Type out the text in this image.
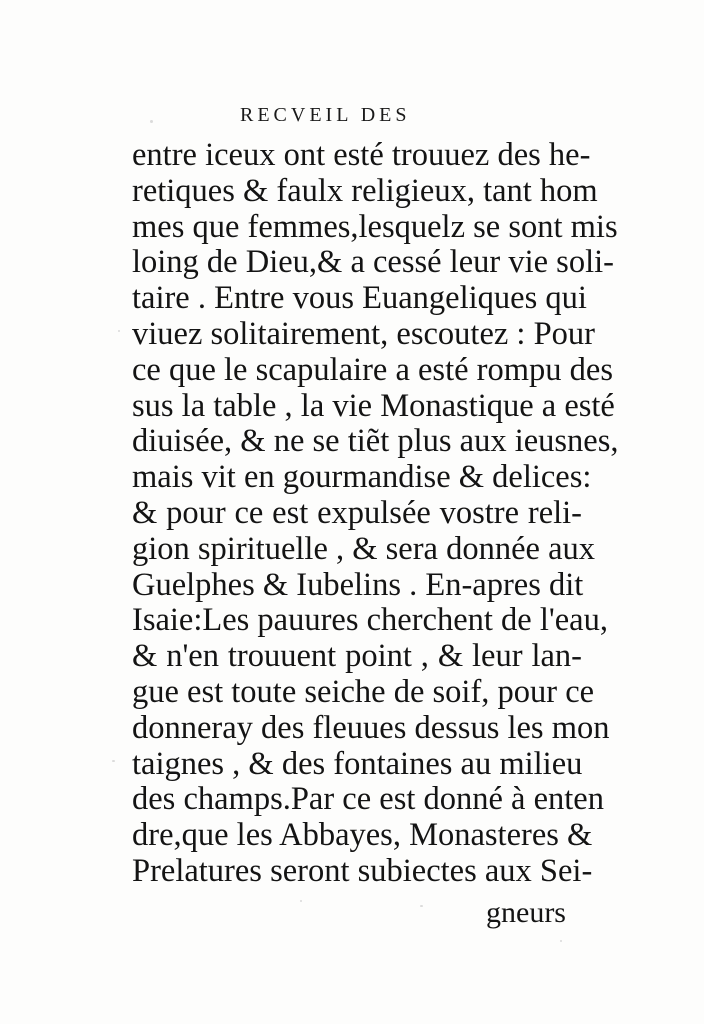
RECVEIL DES
entre iceux ont esté trouuez des he-
retiques & faulx religieux, tant hom
mes que femmes,lesquelz se sont mis
loing de Dieu,& a cessé leur vie soli-
taire . Entre vous Euangeliques qui
viuez solitairement, escoutez : Pour
ce que le scapulaire a esté rompu des
sus la table , la vie Monastique a esté
diuisée, & ne se tiẽt plus aux ieusnes,
mais vit en gourmandise & delices:
& pour ce est expulsée vostre reli-
gion spirituelle , & sera donnée aux
Guelphes & Iubelins . En-apres dit
Isaie:Les pauures cherchent de l'eau,
& n'en trouuent point , & leur lan-
gue est toute seiche de soif, pour ce
donneray des fleuues dessus les mon
taignes , & des fontaines au milieu
des champs.Par ce est donné à enten
dre,que les Abbayes, Monasteres &
Prelatures seront subiectes aux Sei-
gneurs
